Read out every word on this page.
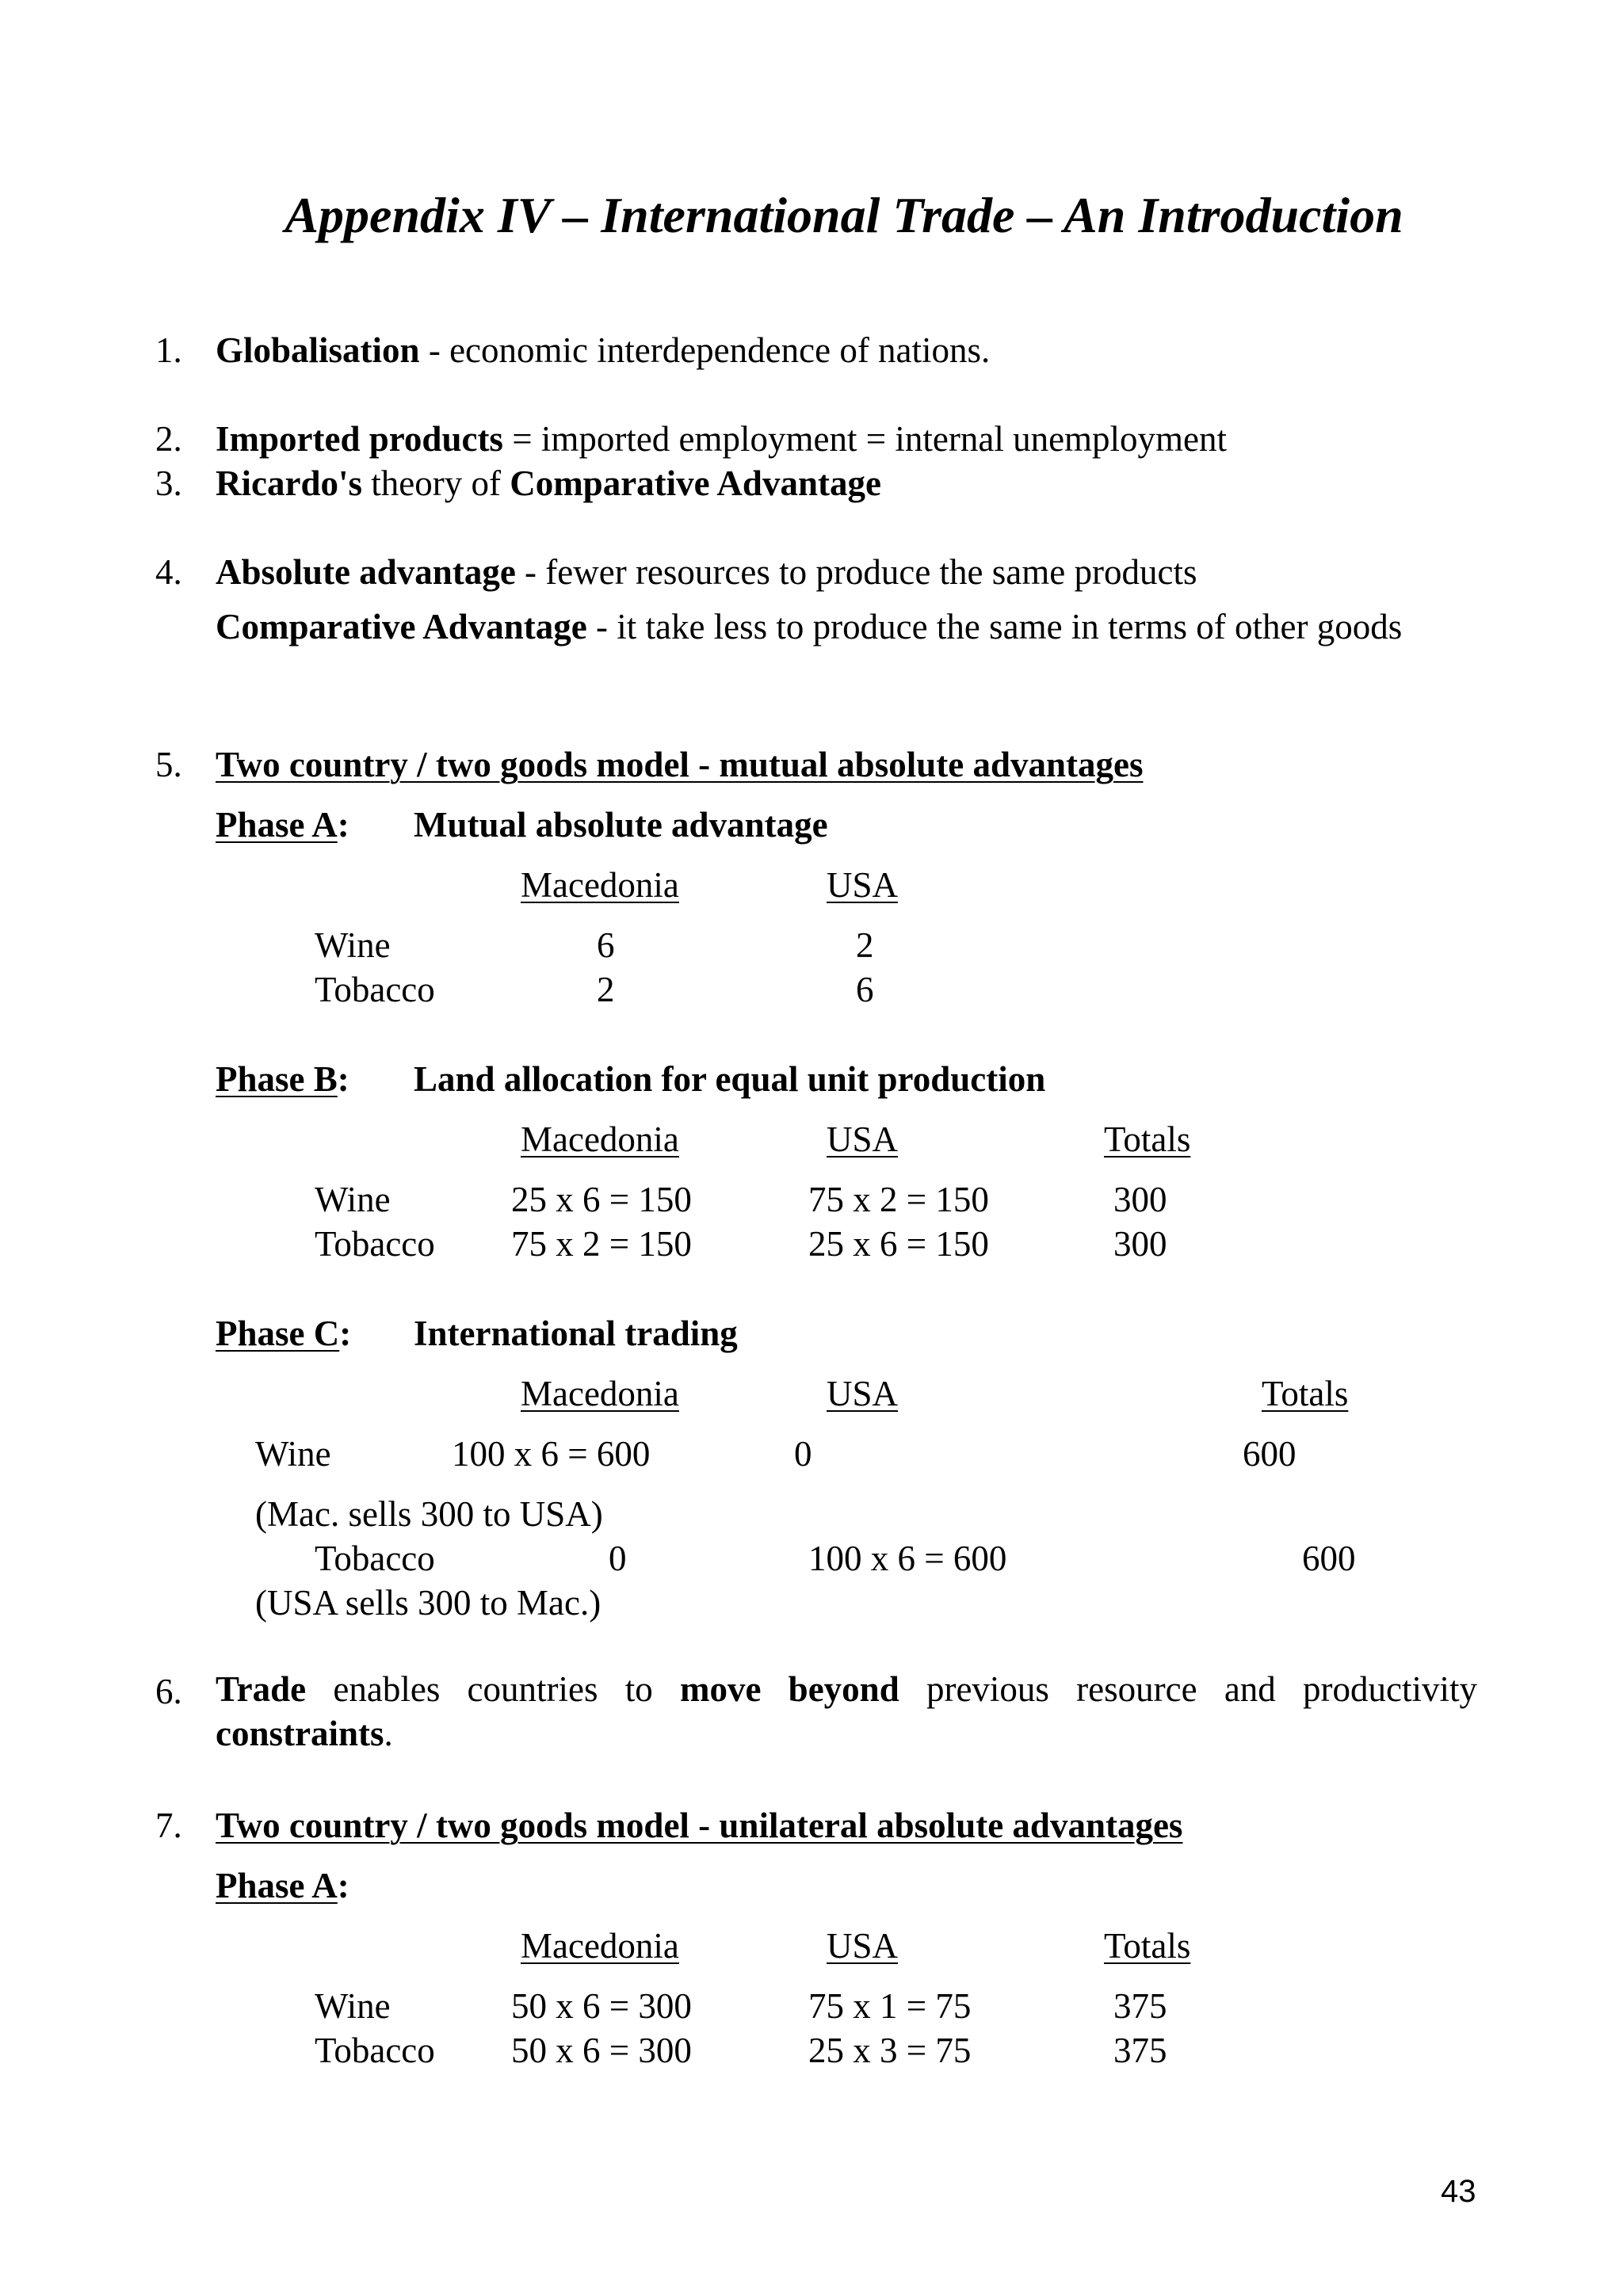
Appendix IV – International Trade – An Introduction
1. Globalisation - economic interdependence of nations.
2. Imported products = imported employment = internal unemployment
3. Ricardo's theory of Comparative Advantage
4. Absolute advantage - fewer resources to produce the same products
Comparative Advantage - it take less to produce the same in terms of other goods
5. Two country / two goods model - mutual absolute advantages
Phase A: Mutual absolute advantage
Macedonia	USA
Wine	6	2
Tobacco	2	6
Phase B: Land allocation for equal unit production
Macedonia	USA	Totals
Wine	25 x 6 = 150	75 x 2 = 150	300
Tobacco 75 x 2 = 150	25 x 6 = 150	300
Phase C: International trading
Macedonia	USA	Totals
Wine	100 x 6 = 600	0	600
(Mac. sells 300 to USA)
Tobacco	0	100 x 6 = 600	600
(USA sells 300 to Mac.)
6. Trade enables countries to move beyond previous resource and productivity constraints.
7. Two country / two goods model - unilateral absolute advantages
Phase A:
Macedonia	USA	Totals
Wine	50 x 6 = 300	75 x 1 = 75	375
Tobacco 50 x 6 = 300	25 x 3 = 75	375
43
